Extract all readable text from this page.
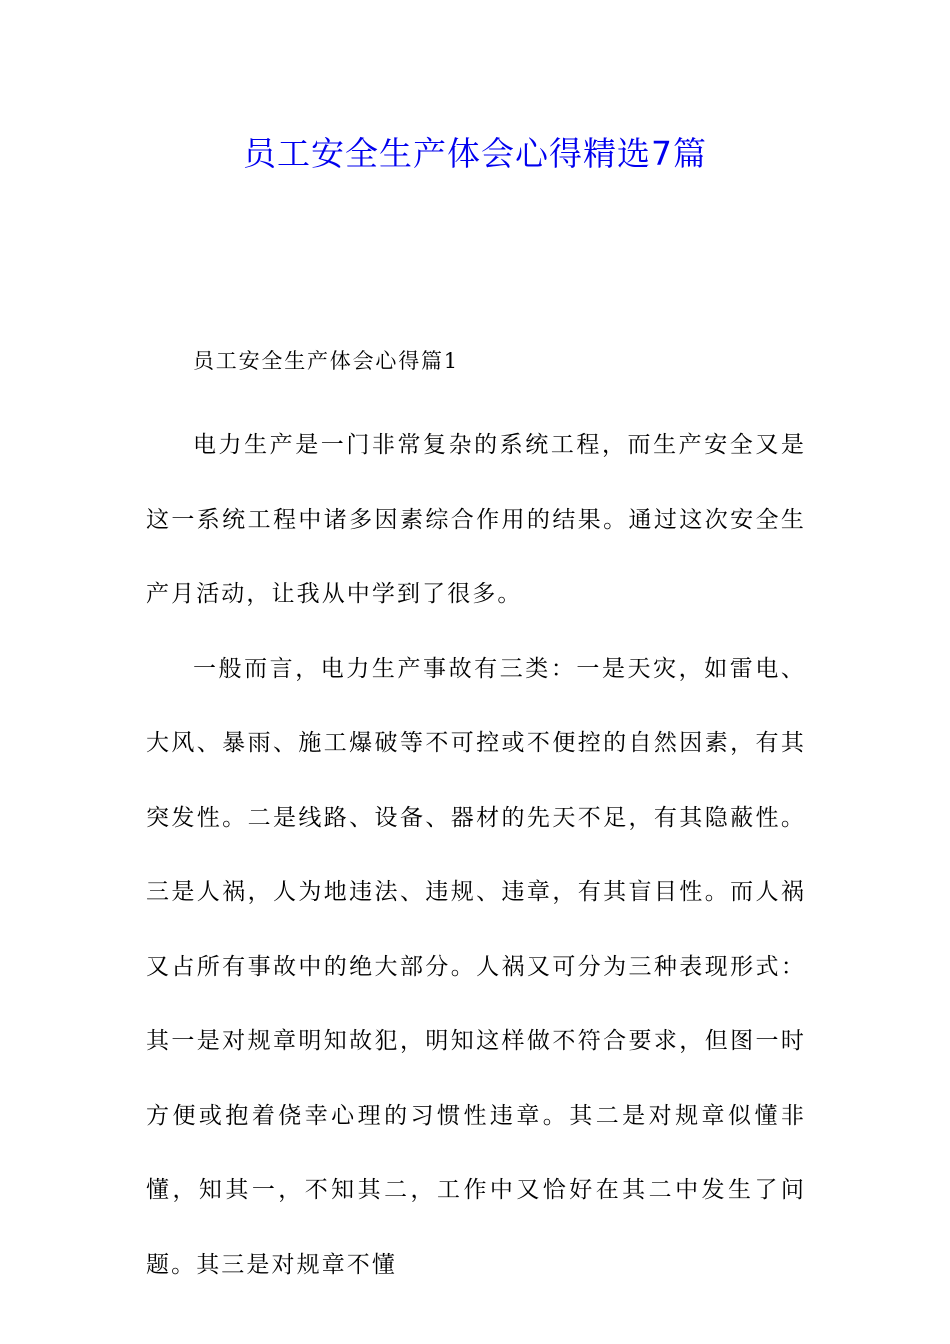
员工安全生产体会心得精选7篇
员工安全生产体会心得篇1

电力生产是一门非常复杂的系统工程，而生产安全又是这一系统工程中诸多因素综合作用的结果。通过这次安全生产月活动，让我从中学到了很多。

一般而言，电力生产事故有三类：一是天灾，如雷电、大风、暴雨、施工爆破等不可控或不便控的自然因素，有其突发性。二是线路、设备、器材的先天不足，有其隐蔽性。三是人祸，人为地违法、违规、违章，有其盲目性。而人祸又占所有事故中的绝大部分。人祸又可分为三种表现形式：其一是对规章明知故犯，明知这样做不符合要求，但图一时方便或抱着侥幸心理的习惯性违章。其二是对规章似懂非懂，知其一，不知其二，工作中又恰好在其二中发生了问题。其三是对规章不懂
